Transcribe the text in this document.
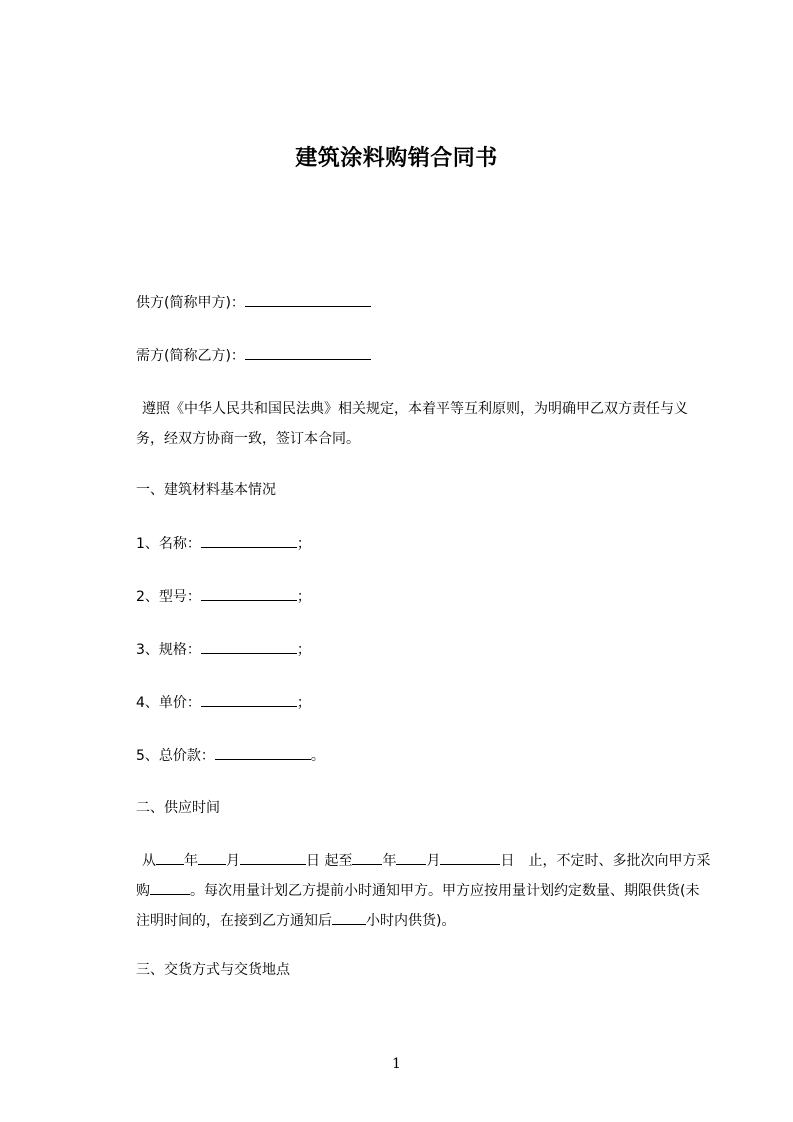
建筑涂料购销合同书
供方(简称甲方)：
需方(简称乙方)：
遵照《中华人民共和国民法典》相关规定，本着平等互利原则，为明确甲乙双方责任与义务，经双方协商一致，签订本合同。
一、建筑材料基本情况
1、名称：	；
2、型号：	；
3、规格：	；
4、单价：	；
5、总价款：	。
二、供应时间
从 年 月	日 起至 年 月	日　止，不定时、多批次向甲方采购	。每次用量计划乙方提前小时通知甲方。甲方应按用量计划约定数量、期限供货(未注明时间的，在接到乙方通知后 小时内供货)。
三、交货方式与交货地点
1
